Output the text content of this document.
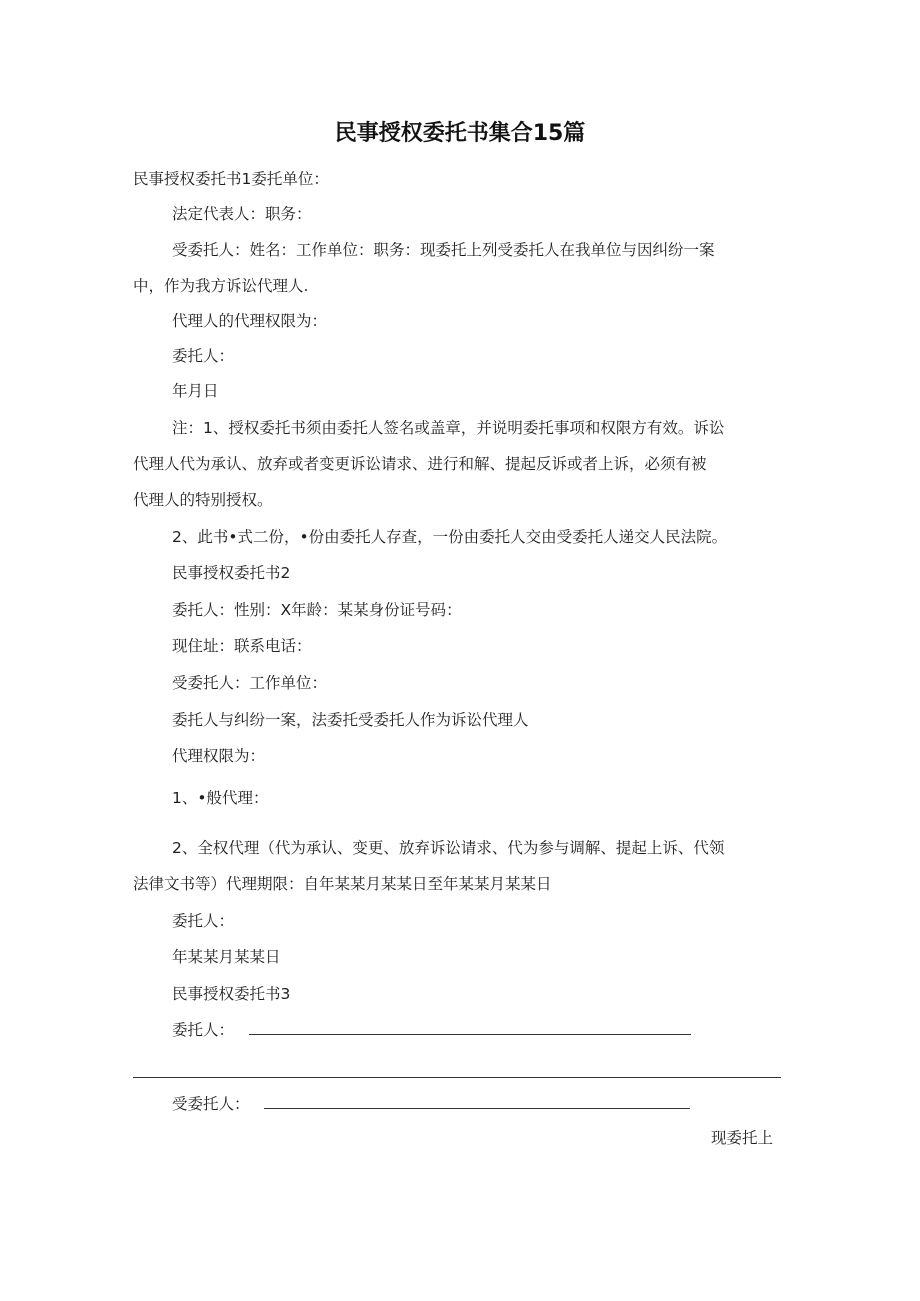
民事授权委托书集合15篇
民事授权委托书1委托单位：
法定代表人：职务：
受委托人：姓名：工作单位：职务：现委托上列受委托人在我单位与因纠纷一案
中，作为我方诉讼代理人.
代理人的代理权限为：
委托人：
年月日
注：1、授权委托书须由委托人签名或盖章，并说明委托事项和权限方有效。诉讼
代理人代为承认、放弃或者变更诉讼请求、进行和解、提起反诉或者上诉，必须有被
代理人的特别授权。
2、此书•式二份，•份由委托人存查，一份由委托人交由受委托人递交人民法院。
民事授权委托书2
委托人：性别：X年龄：某某身份证号码：
现住址：联系电话：
受委托人：工作单位：
委托人与纠纷一案，法委托受委托人作为诉讼代理人
代理权限为：
1、•般代理：
2、全权代理（代为承认、变更、放弃诉讼请求、代为参与调解、提起上诉、代领
法律文书等）代理期限：自年某某月某某日至年某某月某某日
委托人：
年某某月某某日
民事授权委托书3
委托人：
受委托人：
现委托上
